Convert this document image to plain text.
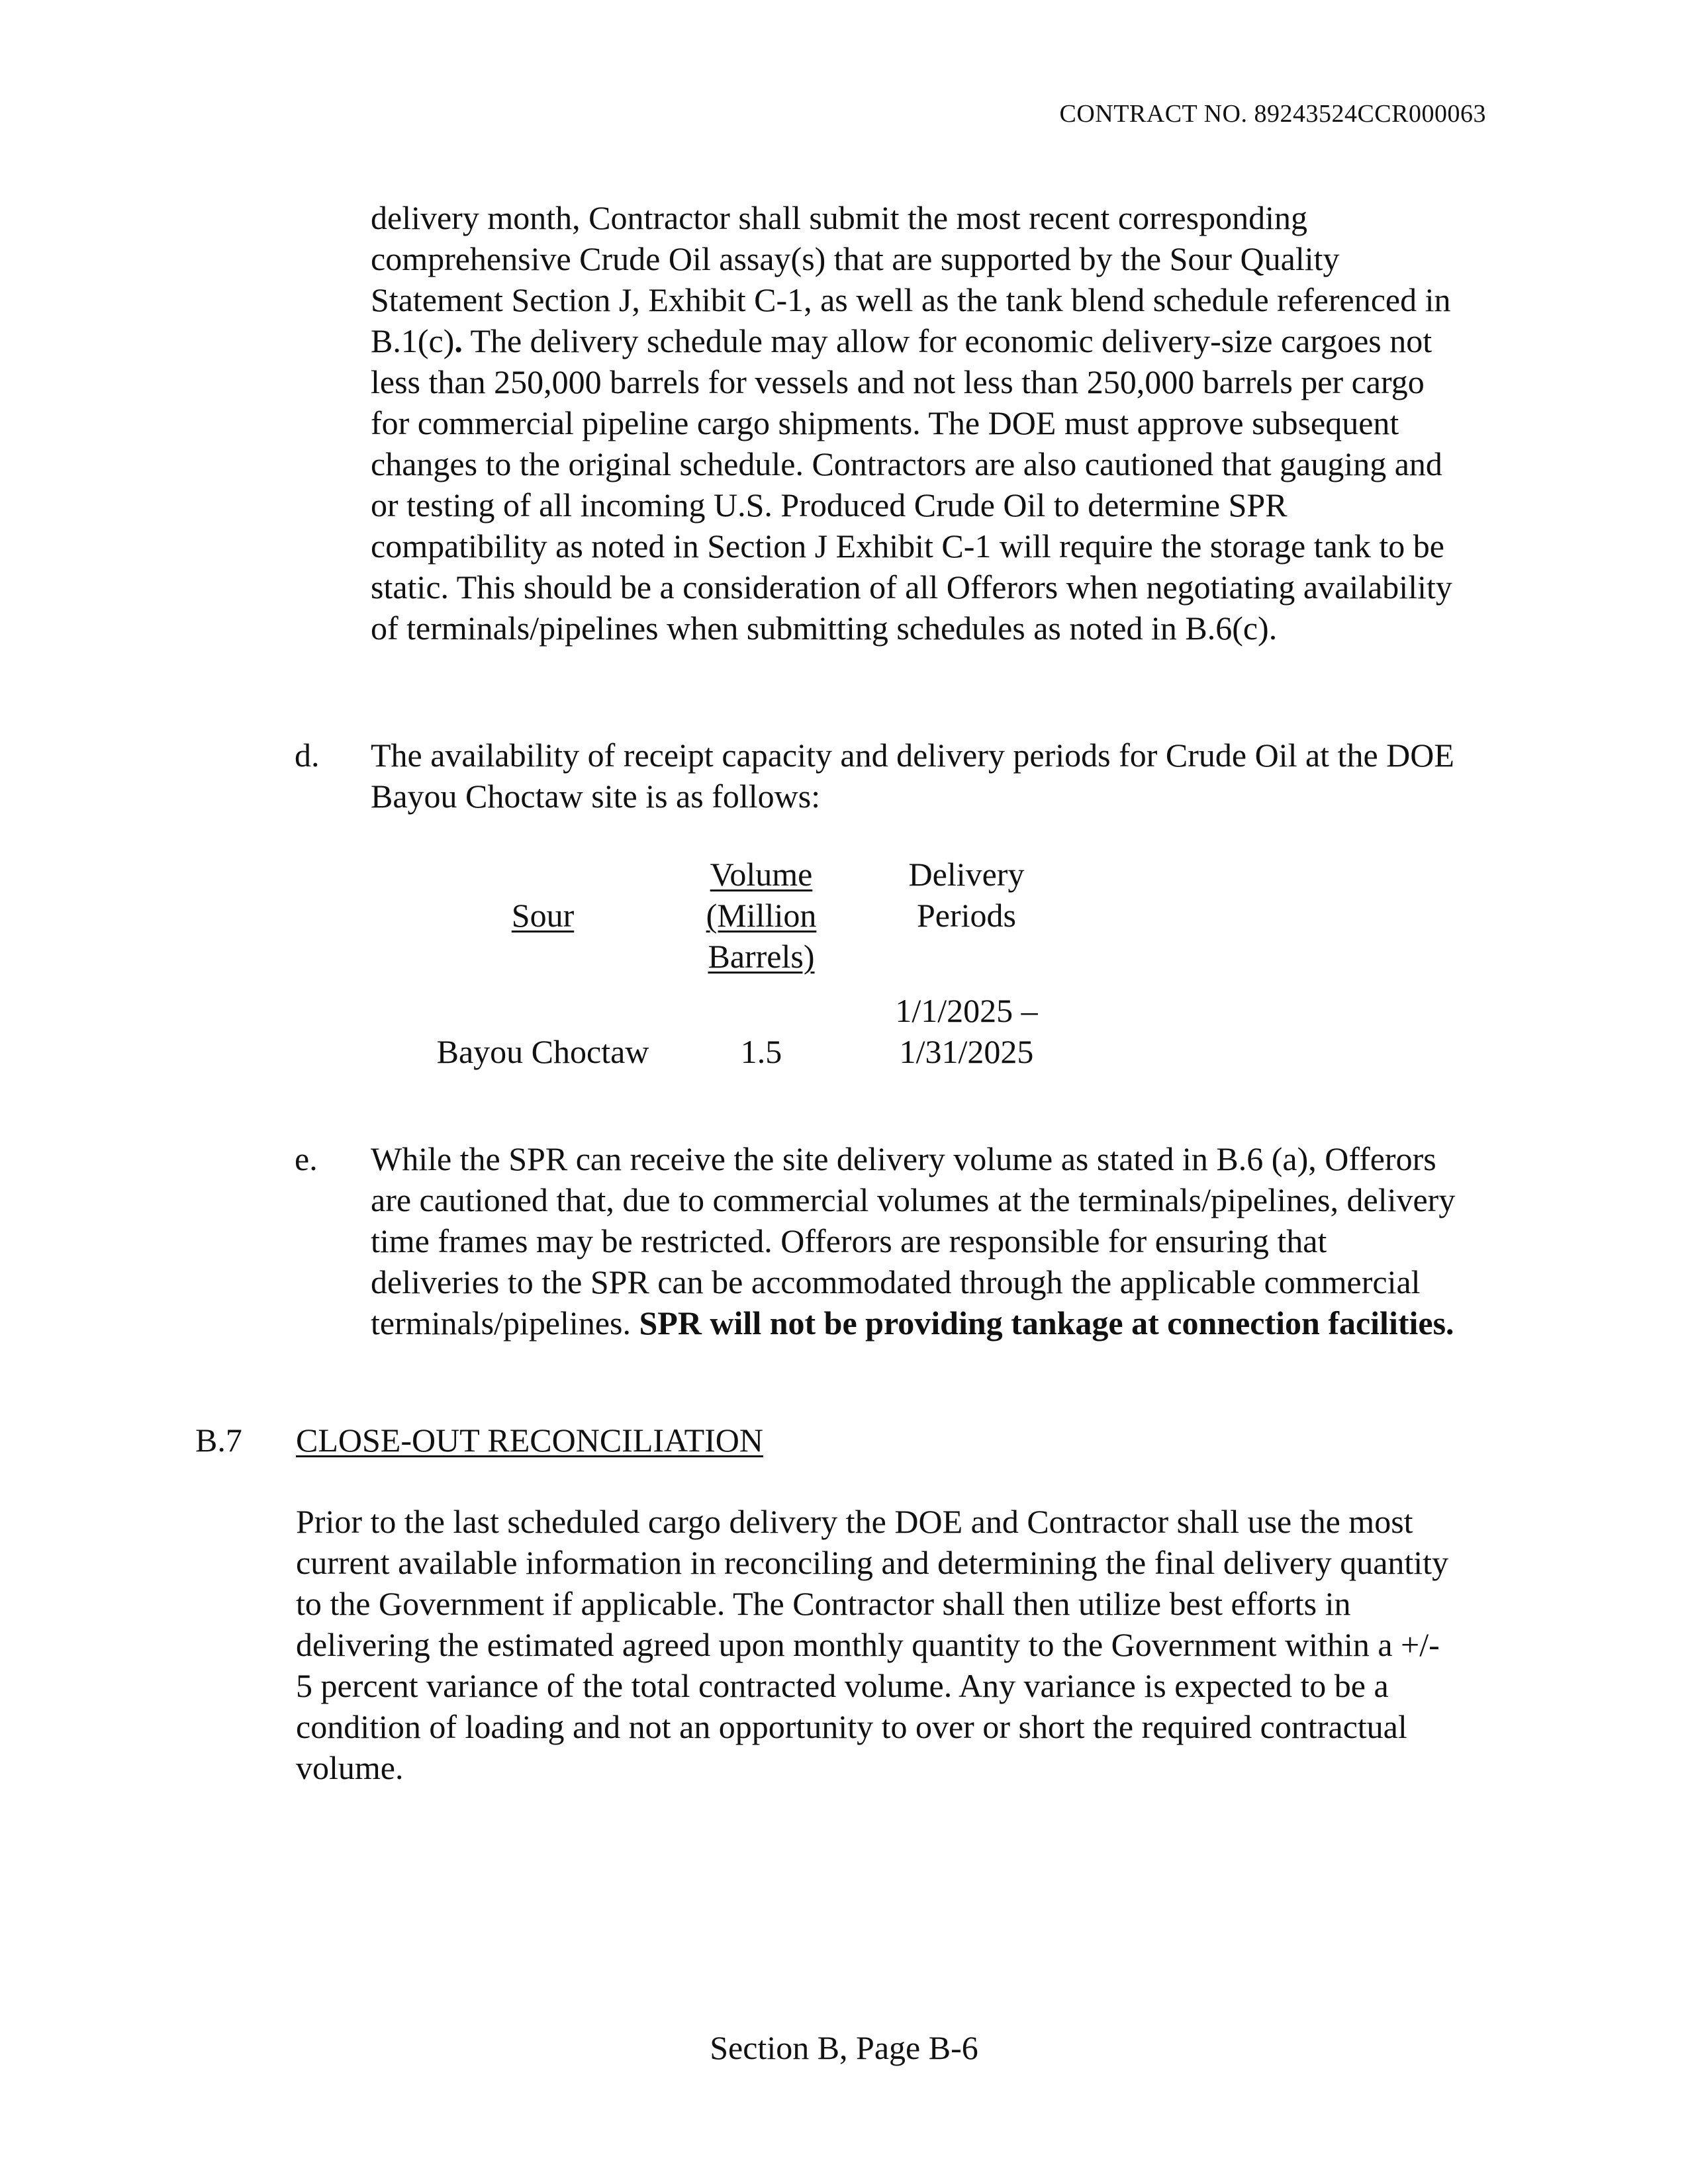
CONTRACT NO. 89243524CCR000063
delivery month, Contractor shall submit the most recent corresponding comprehensive Crude Oil assay(s) that are supported by the Sour Quality Statement Section J, Exhibit C-1, as well as the tank blend schedule referenced in B.1(c). The delivery schedule may allow for economic delivery-size cargoes not less than 250,000 barrels for vessels and not less than 250,000 barrels per cargo for commercial pipeline cargo shipments. The DOE must approve subsequent changes to the original schedule. Contractors are also cautioned that gauging and or testing of all incoming U.S. Produced Crude Oil to determine SPR compatibility as noted in Section J Exhibit C-1 will require the storage tank to be static. This should be a consideration of all Offerors when negotiating availability of terminals/pipelines when submitting schedules as noted in B.6(c).
d. The availability of receipt capacity and delivery periods for Crude Oil at the DOE Bayou Choctaw site is as follows:
Sour
Volume
(Million
Barrels)
Delivery
Periods
Bayou Choctaw	1.5
1/1/2025 –
1/31/2025
e. While the SPR can receive the site delivery volume as stated in B.6 (a), Offerors are cautioned that, due to commercial volumes at the terminals/pipelines, delivery time frames may be restricted. Offerors are responsible for ensuring that deliveries to the SPR can be accommodated through the applicable commercial terminals/pipelines. SPR will not be providing tankage at connection facilities.
B.7 CLOSE-OUT RECONCILIATION
Prior to the last scheduled cargo delivery the DOE and Contractor shall use the most current available information in reconciling and determining the final delivery quantity to the Government if applicable. The Contractor shall then utilize best efforts in delivering the estimated agreed upon monthly quantity to the Government within a +/- 5 percent variance of the total contracted volume. Any variance is expected to be a condition of loading and not an opportunity to over or short the required contractual volume.
Section B, Page B-6
